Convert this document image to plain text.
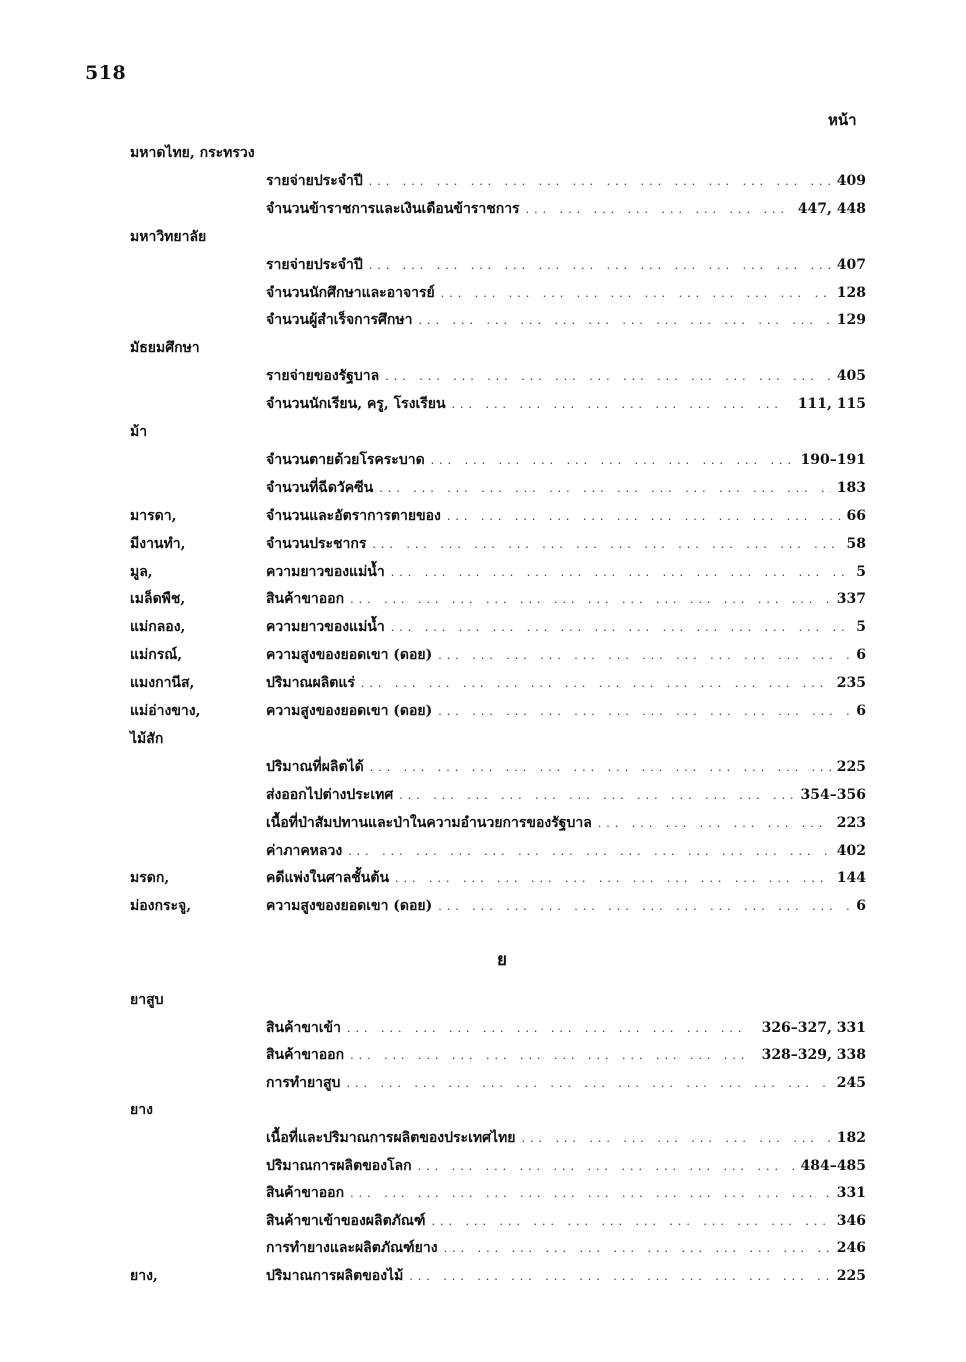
518
หน้า
มหาดไทย, กระทรวง
รายจ่ายประจำปี ... .	409
จำนวนข้าราชการและเงินเดือนข้าราชการ ... .	447, 448
มหาวิทยาลัย
รายจ่ายประจำปี ... .	407
จำนวนนักศึกษาและอาจารย์ ... .	128
จำนวนผู้สำเร็จการศึกษา ... .	129
มัธยมศึกษา
รายจ่ายของรัฐบาล ... .	405
จำนวนนักเรียน, ครู, โรงเรียน ... .	111, 115
ม้า
จำนวนตายด้วยโรคระบาด ... .	190–191
จำนวนที่ฉีดวัคซีน ... .	183
มารดา,	จำนวนและอัตราการตายของ ... .	66
มีงานทำ,	จำนวนประชากร ... .	58
มูล,	ความยาวของแม่น้ำ ... .	5
เมล็ดพืช,	สินค้าขาออก ... .	337
แม่กลอง,	ความยาวของแม่น้ำ ... .	5
แม่กรณ์,	ความสูงของยอดเขา (ดอย) ... .	6
แมงกานีส,	ปริมาณผลิตแร่ ... .	235
แม่อ่างขาง,	ความสูงของยอดเขา (ดอย) ... .	6
ไม้สัก
ปริมาณที่ผลิตได้ ... .	225
ส่งออกไปต่างประเทศ ... .	354–356
เนื้อที่ป่าสัมปทานและป่าในความอำนวยการของรัฐบาล ... .	223
ค่าภาคหลวง ... .	402
มรดก,	คดีแพ่งในศาลชั้นต้น ... .	144
ม่องกระจู,	ความสูงของยอดเขา (ดอย) ... .	6
ย
ยาสูบ
สินค้าขาเข้า ... .	326–327, 331
สินค้าขาออก ... .	328–329, 338
การทำยาสูบ ... .	245
ยาง
เนื้อที่และปริมาณการผลิตของประเทศไทย ... .	182
ปริมาณการผลิตของโลก ... .	484–485
สินค้าขาออก ... .	331
สินค้าขาเข้าของผลิตภัณฑ์ ... .	346
การทำยางและผลิตภัณฑ์ยาง ... .	246
ยาง,	ปริมาณการผลิตของไม้ ... .	225
